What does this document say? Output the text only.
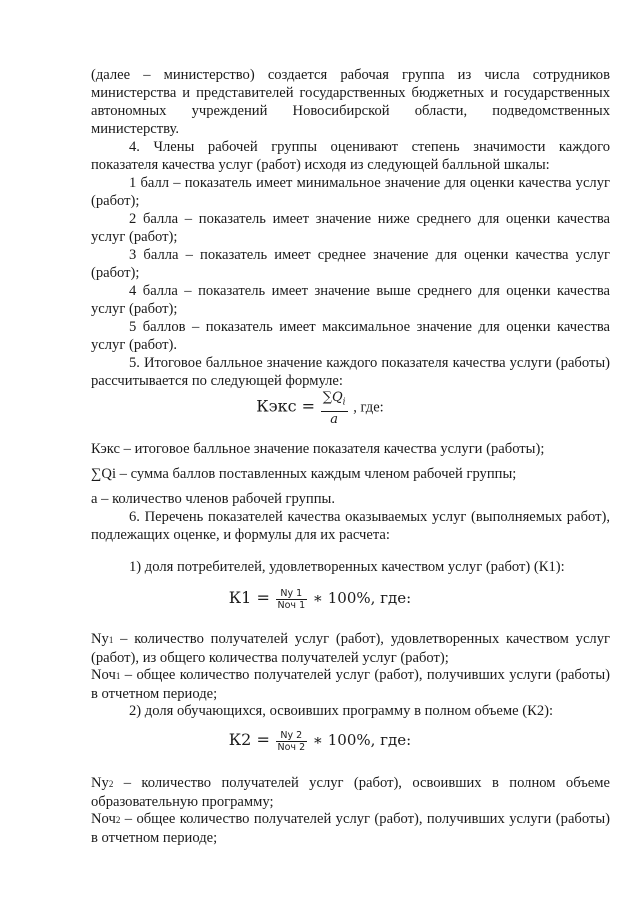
(далее – министерство) создается рабочая группа из числа сотрудников министерства и представителей государственных бюджетных и государственных автономных учреждений Новосибирской области, подведомственных министерству.

4. Члены рабочей группы оценивают степень значимости каждого показателя качества услуг (работ) исходя из следующей балльной шкалы:

1 балл – показатель имеет минимальное значение для оценки качества услуг (работ);

2 балла – показатель имеет значение ниже среднего для оценки качества услуг (работ);

3 балла – показатель имеет среднее значение для оценки качества услуг (работ);

4 балла – показатель имеет значение выше среднего для оценки качества услуг (работ);

5 баллов – показатель имеет максимальное значение для оценки качества услуг (работ).

5. Итоговое балльное значение каждого показателя качества услуги (работы) рассчитывается по следующей формуле:

Кэкс = $\frac{\sum Q_i}{a}$ , где:

Кэкс – итоговое балльное значение показателя качества услуги (работы);

∑Qi – сумма баллов поставленных каждым членом рабочей группы;

a – количество членов рабочей группы.

6. Перечень показателей качества оказываемых услуг (выполняемых работ), подлежащих оценке, и формулы для их расчета:

1) доля потребителей, удовлетворенных качеством услуг (работ) (К1):

$К1 = \frac{Nу 1}{\text{Nоч 1}}$ ∗ 100%, где:

Nу1 – количество получателей услуг (работ), удовлетворенных качеством услуг (работ), из общего количества получателей услуг (работ);

Nоч1 – общее количество получателей услуг (работ), получивших услуги (работы) в отчетном периоде;

2) доля обучающихся, освоивших программу в полном объеме (К2):

$К2 = \frac{Nу 2}{\text{Nоч 2}}$ ∗ 100%, где:

Nу2 – количество получателей услуг (работ), освоивших в полном объеме образовательную программу;

Nоч2 – общее количество получателей услуг (работ), получивших услуги (работы) в отчетном периоде;
